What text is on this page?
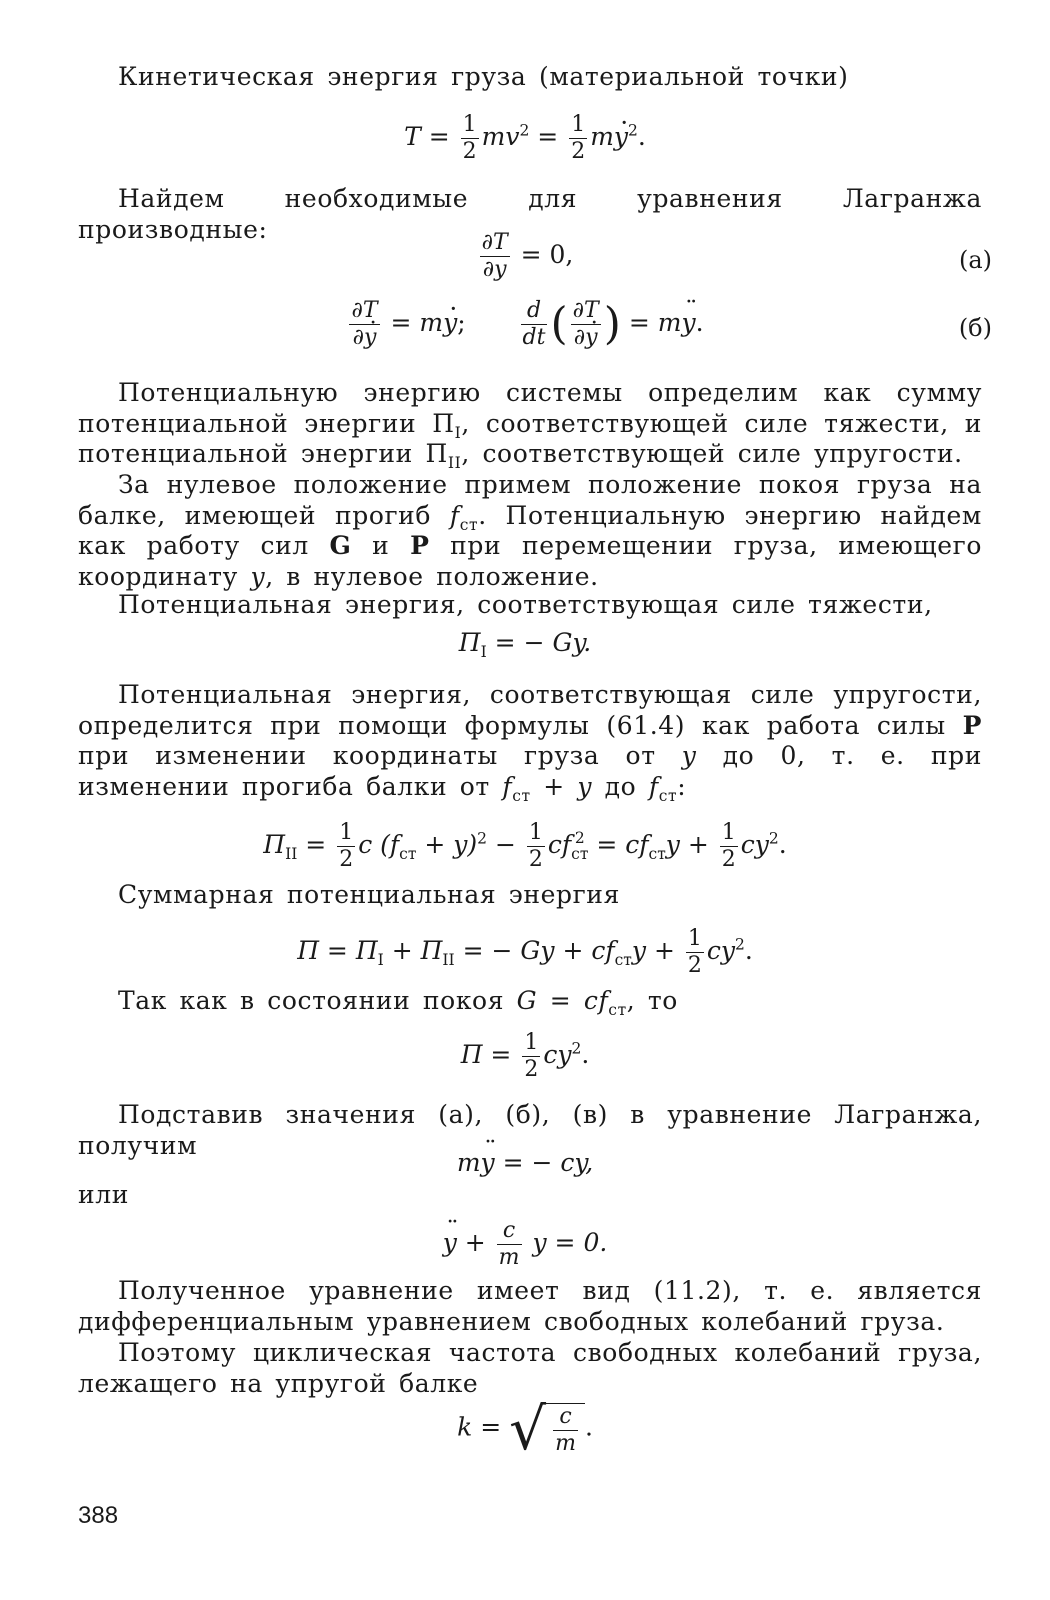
Кинетическая энергия груза (материальной точки)
$T = \frac{1}{2} mv^2 = \frac{1}{2}$ my ·$^2$.
Найдем необходимые для уравнения Лагранжа производные:
$\frac{\partial T}{\partial y} = 0$,	(а)
$\frac{\partial T}{\partial y}$ · = my ·; $\frac{d}{dt}$ ( $\frac{\partial T}{\partial y}$ · ) = my ¨.	(б)
Потенциальную энергию системы определим как сумму потенциальной энергии $П_I$, соответствующей силе тяжести, и потенциальной энергии $П_{II}$, соответствующей силе упругости.
За нулевое положение примем положение покоя груза на балке, имеющей прогиб $f_{ст}$. Потенциальную энергию найдем как работу сил G и P при перемещении груза, имеющего координату y, в нулевое положение.
Потенциальная энергия, соответствующая силе тяжести,
$П_I$ = − Gy.
Потенциальная энергия, соответствующая силе упругости, определится при помощи формулы (61.4) как работа силы P при изменении координаты груза от y до 0, т. е. при изменении прогиба балки от $f_{ст} + y$ до $f_{ст}$:
$П_{II} = \frac{1}{2}$ c $(f_{ст} + y)^2 - \frac{1}{2}$ cf 2
ст = $cf_{ст}y + \frac{1}{2} cy^2$.
Суммарная потенциальная энергия
$П = П_I + П_{II}$ = − $Gy + cf_{ст}y + \frac{1}{2} cy^2$.
Так как в состоянии покоя $G = cf_{ст}$, то
$П = \frac{1}{2} cy^2$.
Подставив значения (а), (б), (в) в уравнение Лагранжа, получим
my ¨ = − cy,
или
y ¨ + $\frac{c}{m}$ y = 0.
Полученное уравнение имеет вид (11.2), т. е. является дифференциальным уравнением свободных колебаний груза.
Поэтому циклическая частота свободных колебаний груза, лежащего на упругой балке
k = √ $\frac{c}{m}$ .
388
